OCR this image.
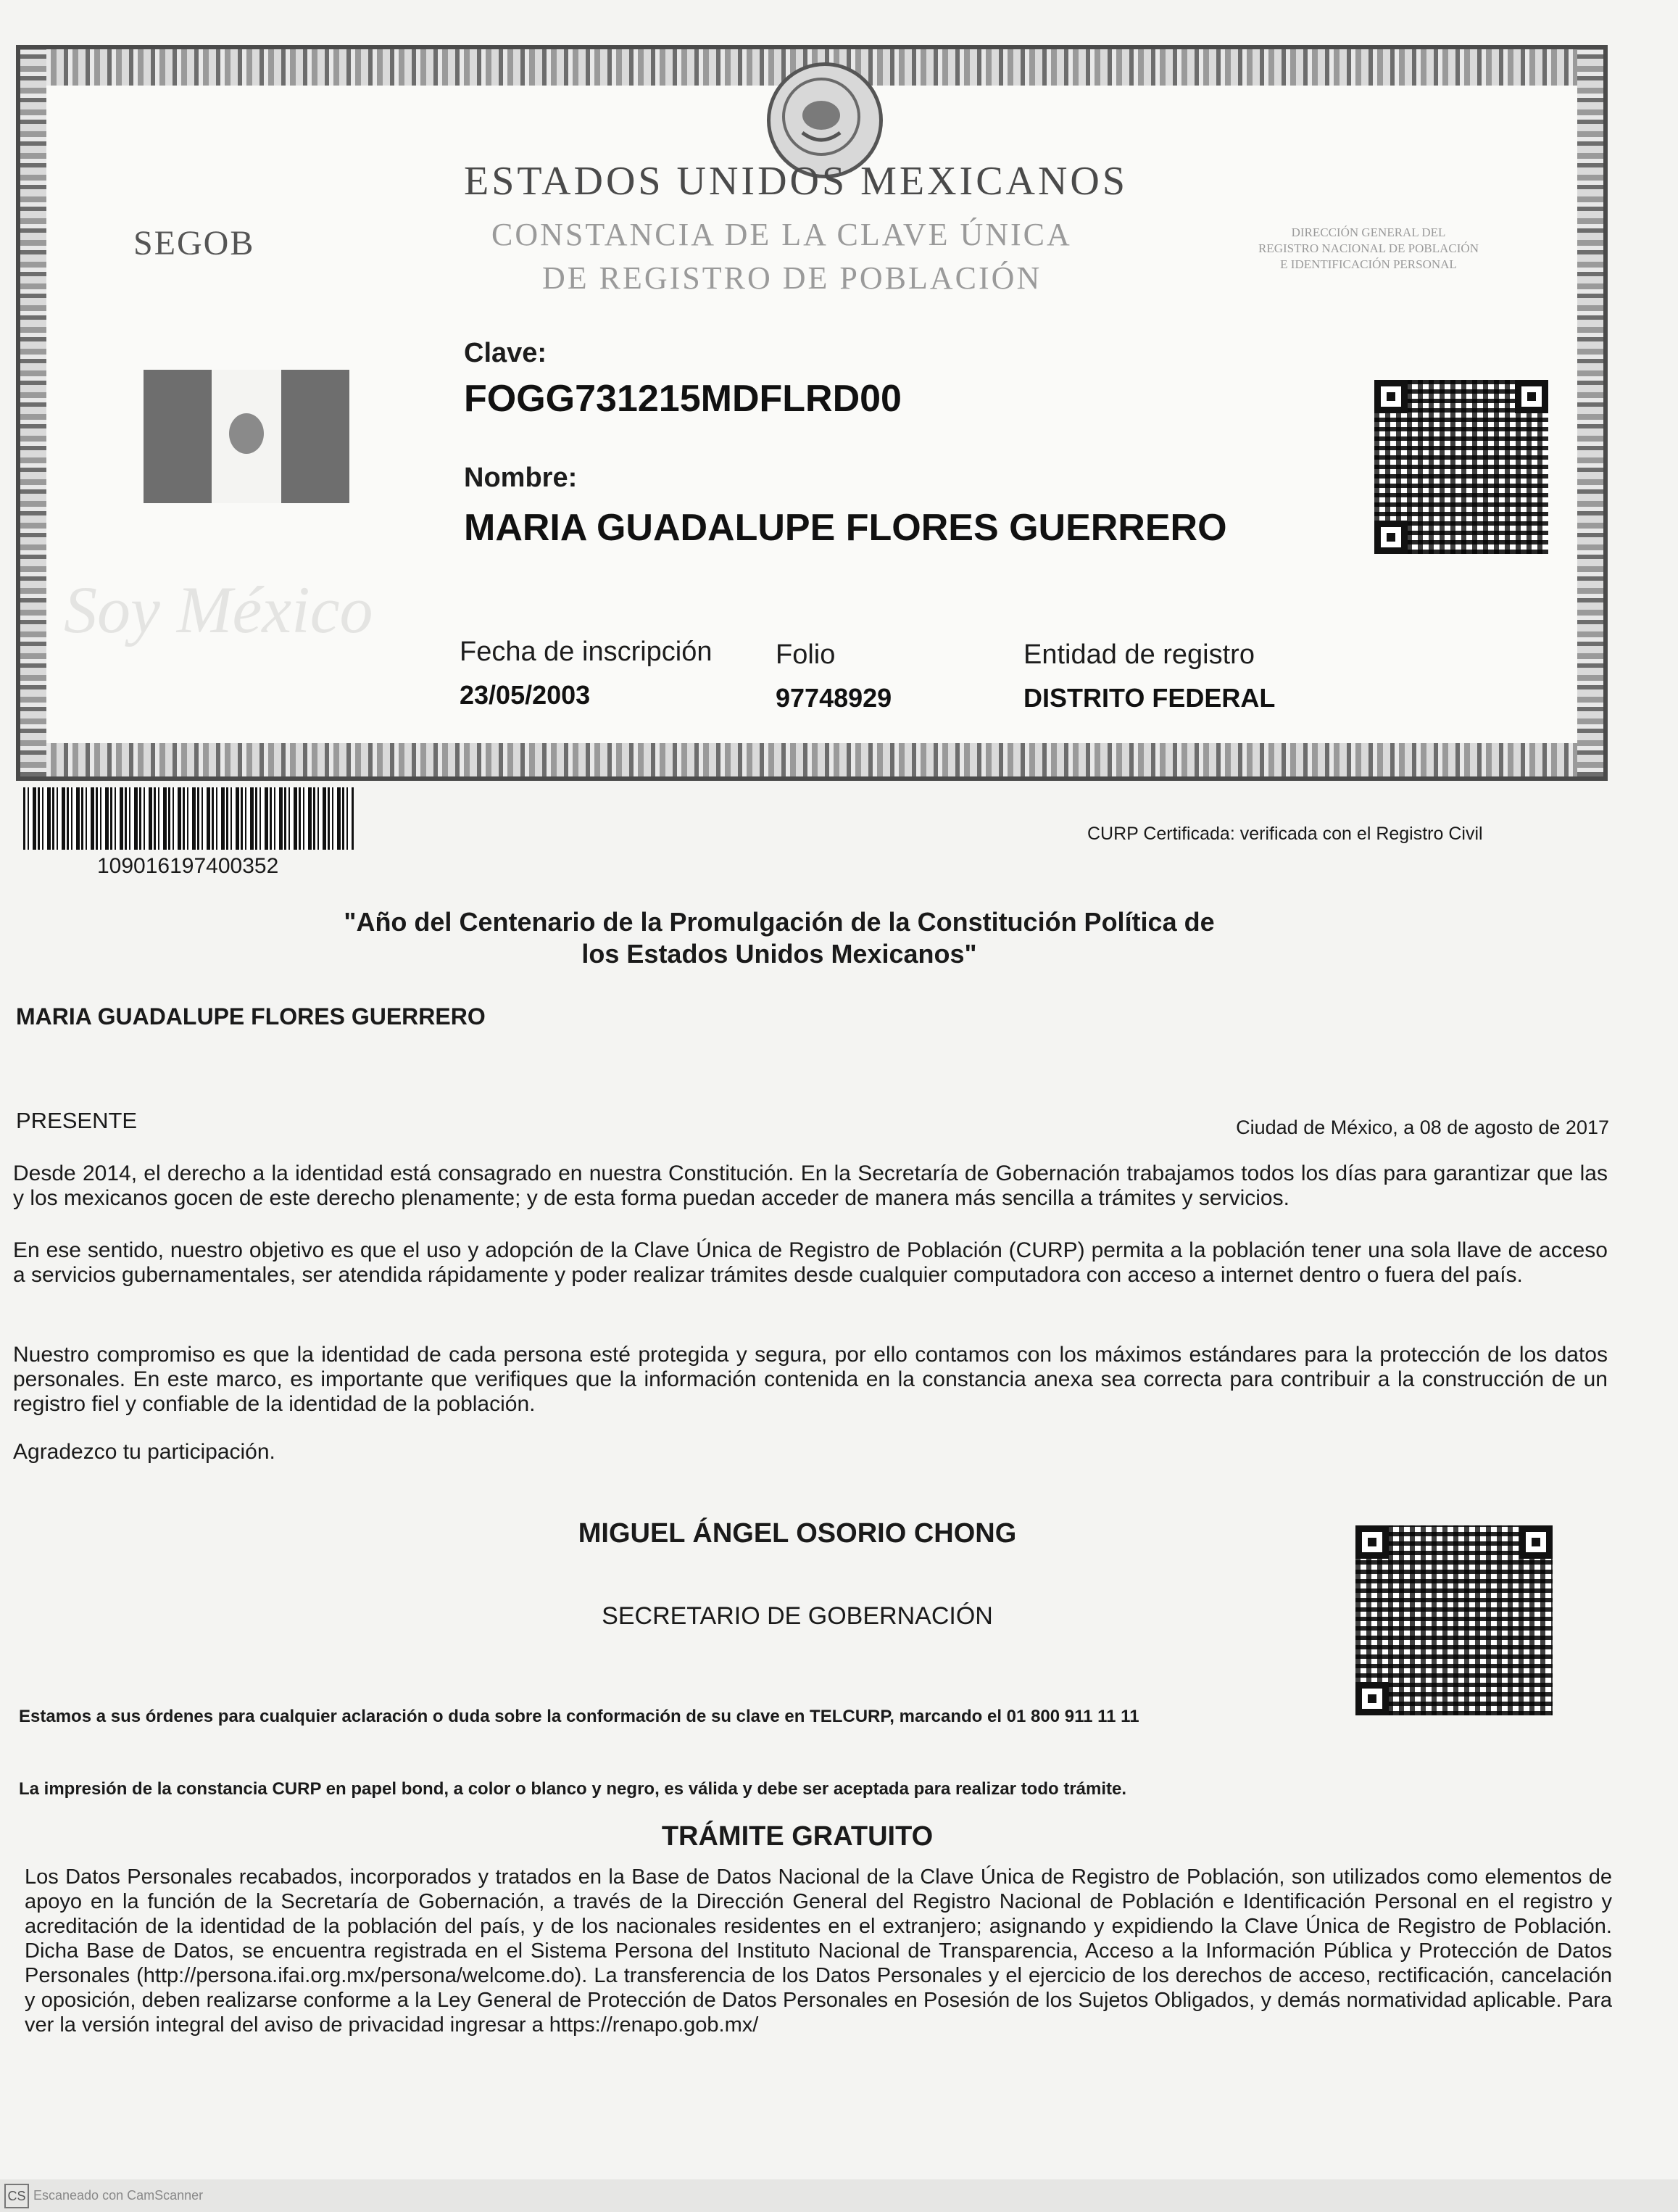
ESTADOS UNIDOS MEXICANOS
CONSTANCIA DE LA CLAVE ÚNICA
DE REGISTRO DE POBLACIÓN
SEGOB	DIRECCIÓN GENERAL DEL
REGISTRO NACIONAL DE POBLACIÓN
E IDENTIFICACIÓN PERSONAL
Soy México
Clave:
FOGG731215MDFLRD00
Nombre:
MARIA GUADALUPE FLORES GUERRERO
Fecha de inscripción
23/05/2003
Folio
97748929
Entidad de registro
DISTRITO FEDERAL
109016197400352
CURP Certificada: verificada con el Registro Civil
"Año del Centenario de la Promulgación de la Constitución Política de
los Estados Unidos Mexicanos"
MARIA GUADALUPE FLORES GUERRERO
PRESENTE	Ciudad de México, a 08 de agosto de 2017
Desde 2014, el derecho a la identidad está consagrado en nuestra Constitución. En la Secretaría de Gobernación trabajamos todos los días para garantizar que las y los mexicanos gocen de este derecho plenamente; y de esta forma puedan acceder de manera más sencilla a trámites y servicios.
En ese sentido, nuestro objetivo es que el uso y adopción de la Clave Única de Registro de Población (CURP) permita a la población tener una sola llave de acceso a servicios gubernamentales, ser atendida rápidamente y poder realizar trámites desde cualquier computadora con acceso a internet dentro o fuera del país.
Nuestro compromiso es que la identidad de cada persona esté protegida y segura, por ello contamos con los máximos estándares para la protección de los datos personales. En este marco, es importante que verifiques que la información contenida en la constancia anexa sea correcta para contribuir a la construcción de un registro fiel y confiable de la identidad de la población.
Agradezco tu participación.
MIGUEL ÁNGEL OSORIO CHONG
SECRETARIO DE GOBERNACIÓN
Estamos a sus órdenes para cualquier aclaración o duda sobre la conformación de su clave en TELCURP, marcando el 01 800 911 11 11
La impresión de la constancia CURP en papel bond, a color o blanco y negro, es válida y debe ser aceptada para realizar todo trámite.
TRÁMITE GRATUITO
Los Datos Personales recabados, incorporados y tratados en la Base de Datos Nacional de la Clave Única de Registro de Población, son utilizados como elementos de apoyo en la función de la Secretaría de Gobernación, a través de la Dirección General del Registro Nacional de Población e Identificación Personal en el registro y acreditación de la identidad de la población del país, y de los nacionales residentes en el extranjero; asignando y expidiendo la Clave Única de Registro de Población. Dicha Base de Datos, se encuentra registrada en el Sistema Persona del Instituto Nacional de Transparencia, Acceso a la Información Pública y Protección de Datos Personales (http://persona.ifai.org.mx/persona/welcome.do). La transferencia de los Datos Personales y el ejercicio de los derechos de acceso, rectificación, cancelación y oposición, deben realizarse conforme a la Ley General de Protección de Datos Personales en Posesión de los Sujetos Obligados, y demás normatividad aplicable. Para ver la versión integral del aviso de privacidad ingresar a https://renapo.gob.mx/
CS Escaneado con CamScanner
